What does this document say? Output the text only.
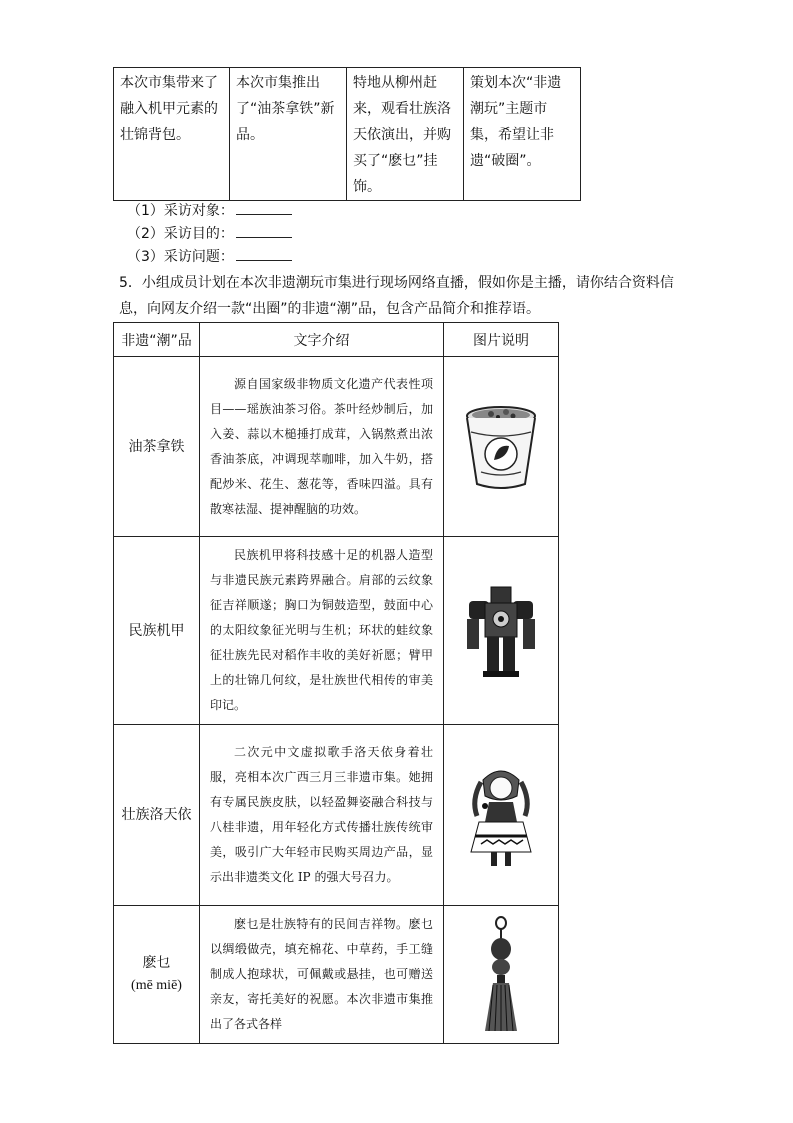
本次市集带来了融入机甲元素的壮锦背包。	本次市集推出了“油茶拿铁”新品。	特地从柳州赶来，观看壮族洛天依演出，并购买了“麽乜”挂饰。	策划本次“非遗潮玩”主题市集，希望让非遗“破圈”。
（1）采访对象：
（2）采访目的：
（3）采访问题：
5．小组成员计划在本次非遗潮玩市集进行现场网络直播，假如你是主播，请你结合资料信息，向网友介绍一款“出圈”的非遗“潮”品，包含产品简介和推荐语。
非遗“潮”品	文字介绍	图片说明
油茶拿铁	源自国家级非物质文化遗产代表性项目——瑶族油茶习俗。茶叶经炒制后，加入姜、蒜以木槌捶打成茸，入锅熬煮出浓香油茶底，冲调现萃咖啡，加入牛奶，搭配炒米、花生、葱花等，香味四溢。具有散寒祛湿、提神醒脑的功效。	
民族机甲	民族机甲将科技感十足的机器人造型与非遗民族元素跨界融合。肩部的云纹象征吉祥顺遂；胸口为铜鼓造型，鼓面中心的太阳纹象征光明与生机；环状的蛙纹象征壮族先民对稻作丰收的美好祈愿；臂甲上的壮锦几何纹，是壮族世代相传的审美印记。	
壮族洛天依	二次元中文虚拟歌手洛天依身着壮服，亮相本次广西三月三非遗市集。她拥有专属民族皮肤，以轻盈舞姿融合科技与八桂非遗，用年轻化方式传播壮族传统审美，吸引广大年轻市民购买周边产品，显示出非遗类文化 IP 的强大号召力。	
麽乜
(mē miē)	麽乜是壮族特有的民间吉祥物。麽乜以绸缎做壳，填充棉花、中草药，手工缝制成人抱球状，可佩戴或悬挂，也可赠送亲友，寄托美好的祝愿。本次非遗市集推出了各式各样	
